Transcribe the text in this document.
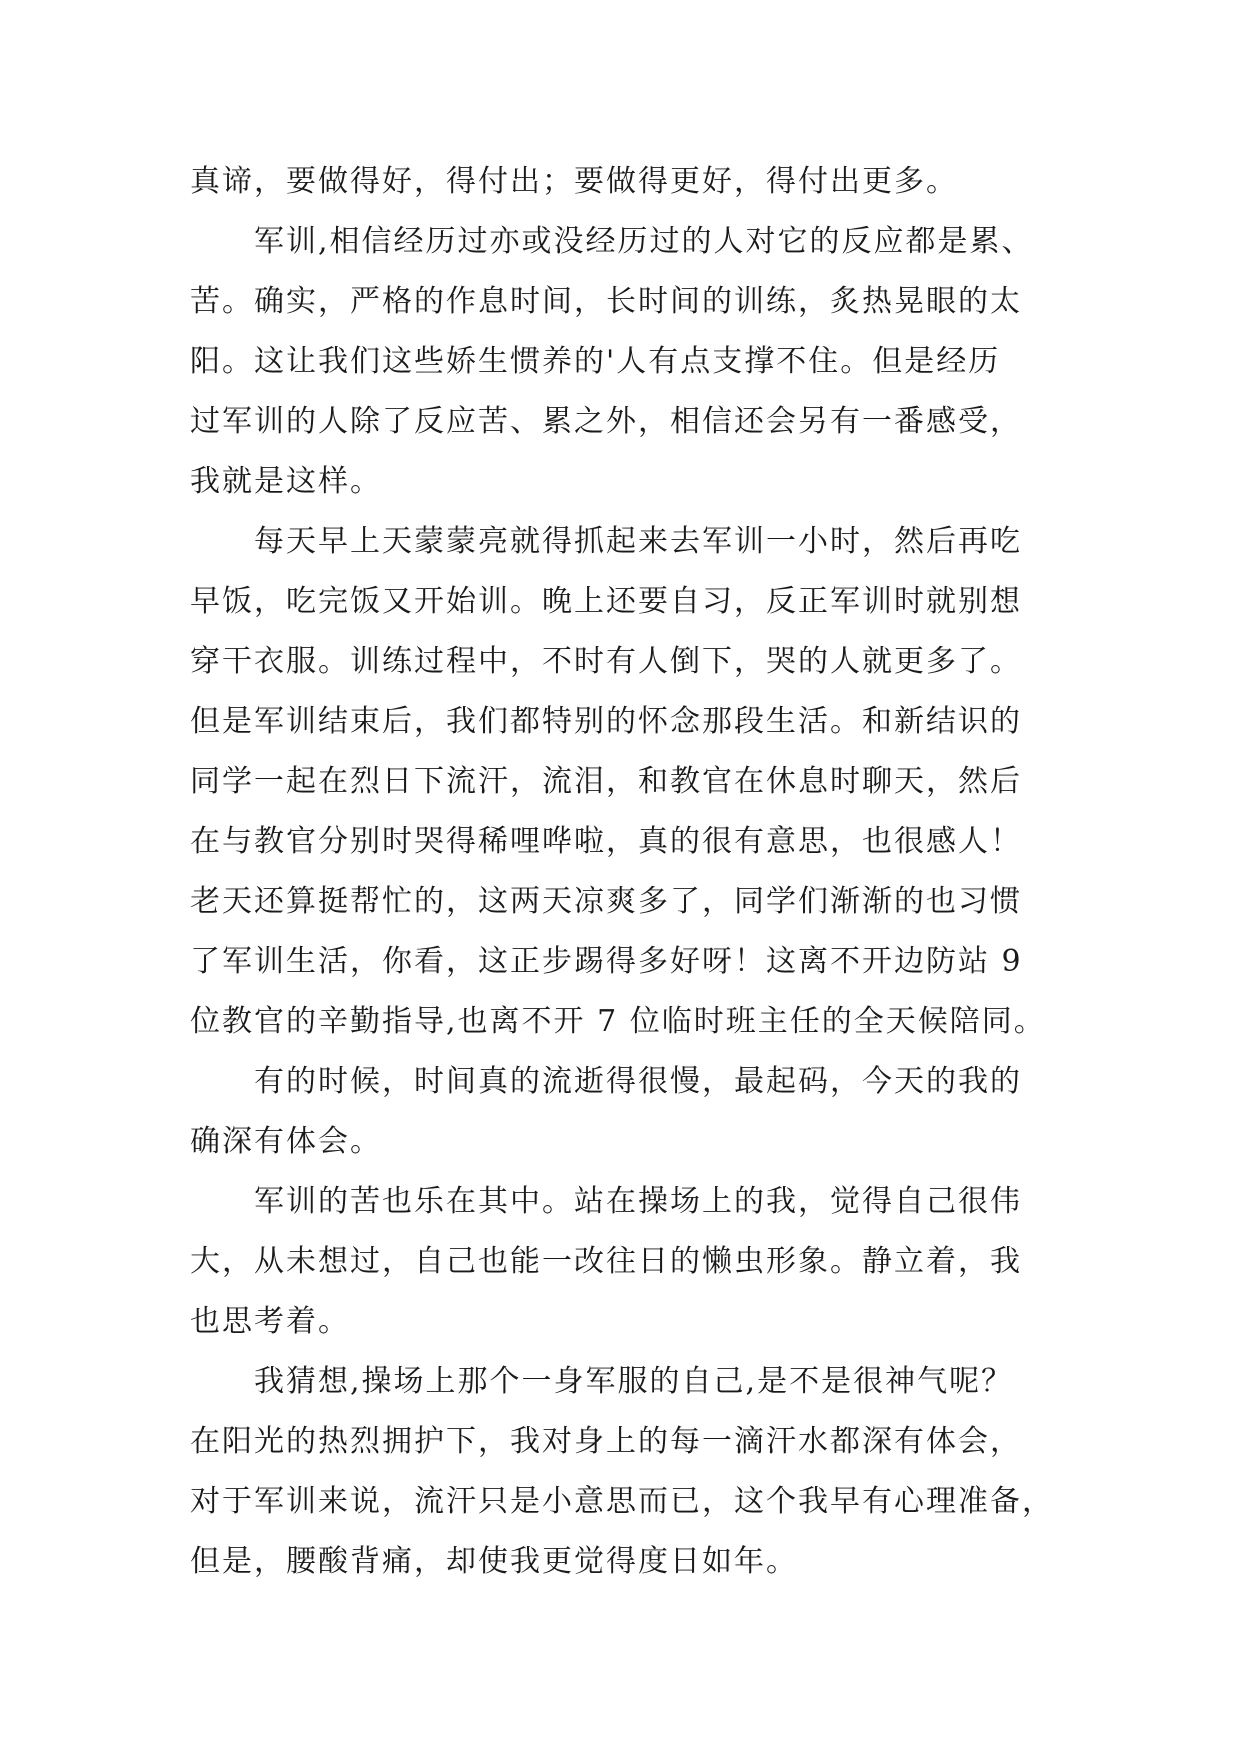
真谛，要做得好，得付出；要做得更好，得付出更多。
军训,相信经历过亦或没经历过的人对它的反应都是累、
苦。确实，严格的作息时间，长时间的训练，炙热晃眼的太
阳。这让我们这些娇生惯养的'人有点支撑不住。但是经历
过军训的人除了反应苦、累之外，相信还会另有一番感受，
我就是这样。
每天早上天蒙蒙亮就得抓起来去军训一小时，然后再吃
早饭，吃完饭又开始训。晚上还要自习，反正军训时就别想
穿干衣服。训练过程中，不时有人倒下，哭的人就更多了。
但是军训结束后，我们都特别的怀念那段生活。和新结识的
同学一起在烈日下流汗，流泪，和教官在休息时聊天，然后
在与教官分别时哭得稀哩哗啦，真的很有意思，也很感人！
老天还算挺帮忙的，这两天凉爽多了，同学们渐渐的也习惯
了军训生活，你看，这正步踢得多好呀！这离不开边防站 9
位教官的辛勤指导,也离不开 7 位临时班主任的全天候陪同。
有的时候，时间真的流逝得很慢，最起码，今天的我的
确深有体会。
军训的苦也乐在其中。站在操场上的我，觉得自己很伟
大，从未想过，自己也能一改往日的懒虫形象。静立着，我
也思考着。
我猜想,操场上那个一身军服的自己,是不是很神气呢？
在阳光的热烈拥护下，我对身上的每一滴汗水都深有体会，
对于军训来说，流汗只是小意思而已，这个我早有心理准备，
但是，腰酸背痛，却使我更觉得度日如年。
